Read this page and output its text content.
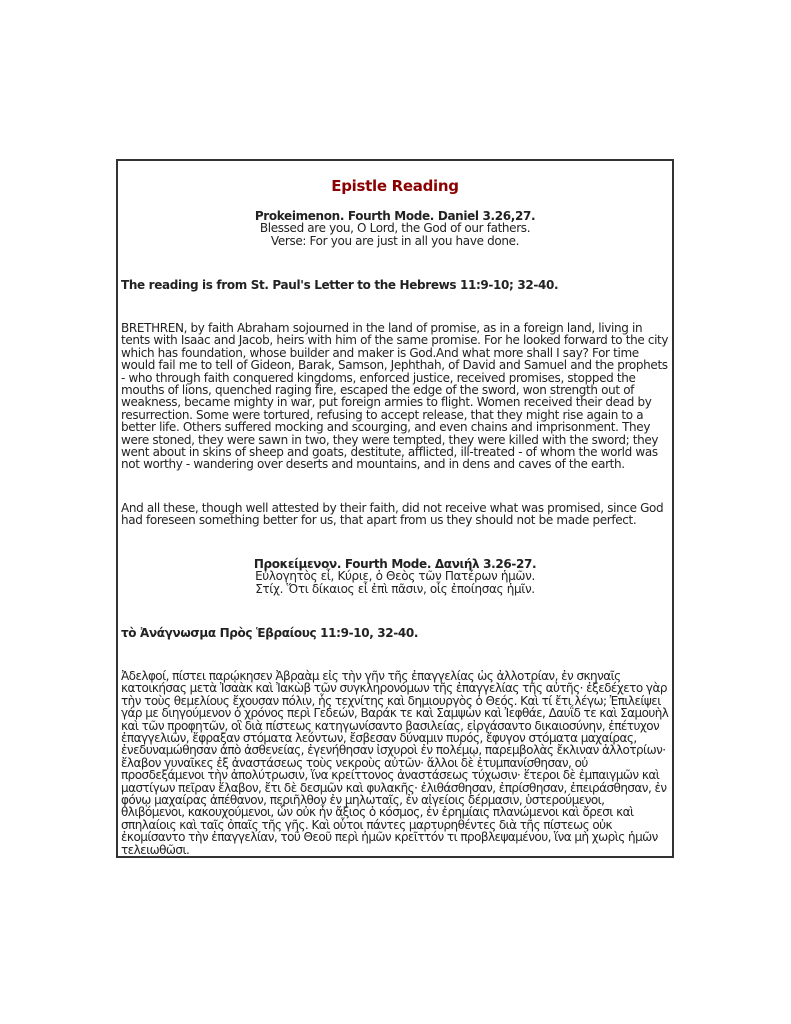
Epistle Reading
Prokeimenon. Fourth Mode. Daniel 3.26,27.
Blessed are you, O Lord, the God of our fathers.
Verse: For you are just in all you have done.
The reading is from St. Paul's Letter to the Hebrews 11:9-10; 32-40.
BRETHREN, by faith Abraham sojourned in the land of promise, as in a foreign land, living in tents with Isaac and Jacob, heirs with him of the same promise. For he looked forward to the city which has foundation, whose builder and maker is God.And what more shall I say? For time would fail me to tell of Gideon, Barak, Samson, Jephthah, of David and Samuel and the prophets - who through faith conquered kingdoms, enforced justice, received promises, stopped the mouths of lions, quenched raging fire, escaped the edge of the sword, won strength out of weakness, became mighty in war, put foreign armies to flight. Women received their dead by resurrection. Some were tortured, refusing to accept release, that they might rise again to a better life. Others suffered mocking and scourging, and even chains and imprisonment. They were stoned, they were sawn in two, they were tempted, they were killed with the sword; they went about in skins of sheep and goats, destitute, afflicted, ill-treated - of whom the world was not worthy - wandering over deserts and mountains, and in dens and caves of the earth.
And all these, though well attested by their faith, did not receive what was promised, since God had foreseen something better for us, that apart from us they should not be made perfect.
Προκείμενον. Fourth Mode. Δανιήλ 3.26-27.
Εὐλογητὸς εἶ, Κύριε, ὁ Θεὸς τῶν Πατέρων ἡμῶν.
Στίχ. Ὅτι δίκαιος εἶ ἐπὶ πᾶσιν, οἷς ἐποίησας ἡμῖν.
τὸ Ἀνάγνωσμα Πρὸς Ἑβραίους 11:9-10, 32-40.
Ἀδελφοί, πίστει παρῴκησεν Ἀβραὰμ εἰς τὴν γῆν τῆς ἐπαγγελίας ὡς ἀλλοτρίαν, ἐν σκηναῖς κατοικήσας μετὰ Ἰσαὰκ καὶ Ἰακὼβ τῶν συγκληρονόμων τῆς ἐπαγγελίας τῆς αὐτῆς· ἐξεδέχετο γὰρ τὴν τοὺς θεμελίους ἔχουσαν πόλιν, ἧς τεχνίτης καὶ δημιουργὸς ὁ Θεός. Καὶ τί ἔτι λέγω; Ἐπιλείψει γάρ με διηγούμενον ὁ χρόνος περὶ Γεδεών, Βαράκ τε καὶ Σαμψὼν καὶ Ἰεφθάε, Δαυΐδ τε καὶ Σαμουὴλ καὶ τῶν προφητῶν, οἳ διὰ πίστεως κατηγωνίσαντο βασιλείας, εἰργάσαντο δικαιοσύνην, ἐπέτυχον ἐπαγγελιῶν, ἔφραξαν στόματα λεόντων, ἔσβεσαν δύναμιν πυρός, ἔφυγον στόματα μαχαίρας, ἐνεδυναμώθησαν ἀπὸ ἀσθενείας, ἐγενήθησαν ἰσχυροὶ ἐν πολέμῳ, παρεμβολὰς ἔκλιναν ἀλλοτρίων· ἔλαβον γυναῖκες ἐξ ἀναστάσεως τοὺς νεκροὺς αὐτῶν· ἄλλοι δὲ ἐτυμπανίσθησαν, οὐ προσδεξάμενοι τὴν ἀπολύτρωσιν, ἵνα κρείττονος ἀναστάσεως τύχωσιν· ἕτεροι δὲ ἐμπαιγμῶν καὶ μαστίγων πεῖραν ἔλαβον, ἔτι δὲ δεσμῶν καὶ φυλακῆς· ἐλιθάσθησαν, ἐπρίσθησαν, ἐπειράσθησαν, ἐν φόνῳ μαχαίρας ἀπέθανον, περιῆλθον ἐν μηλωταῖς, ἐν αἰγείοις δέρμασιν, ὑστερούμενοι, θλιβόμενοι, κακουχούμενοι, ὧν οὐκ ἦν ἄξιος ὁ κόσμος, ἐν ἐρημίαις πλανώμενοι καὶ ὄρεσι καὶ σπηλαίοις καὶ ταῖς ὀπαῖς τῆς γῆς. Καὶ οὗτοι πάντες μαρτυρηθέντες διὰ τῆς πίστεως οὐκ ἐκομίσαντο τὴν ἐπαγγελίαν, τοῦ Θεοῦ περὶ ἡμῶν κρεῖττόν τι προβλεψαμένου, ἵνα μὴ χωρὶς ἡμῶν τελειωθῶσι.
